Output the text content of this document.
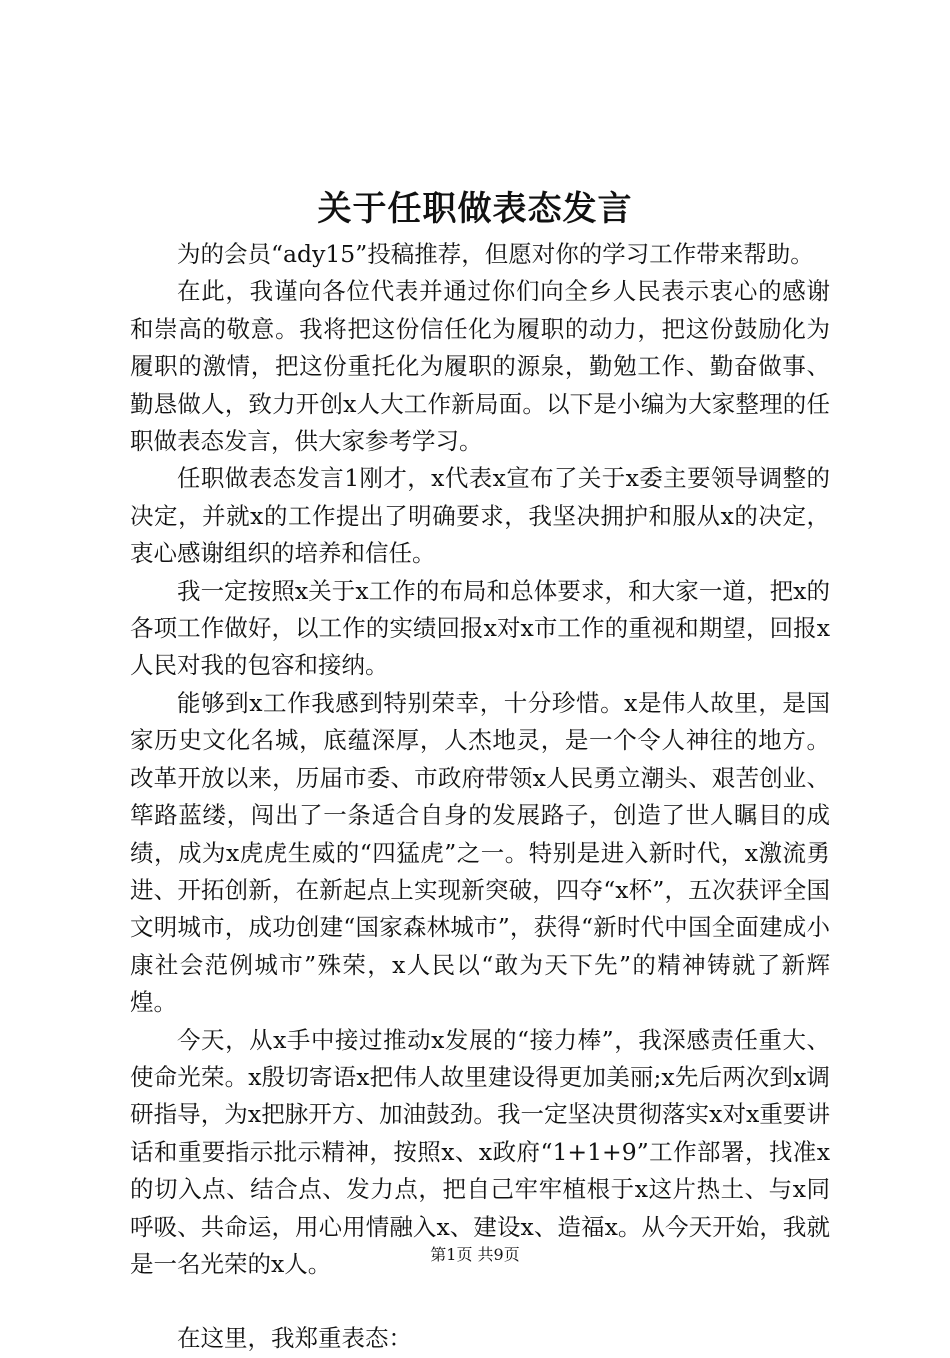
关于任职做表态发言

为的会员“ady15”投稿推荐，但愿对你的学习工作带来帮助。

在此，我谨向各位代表并通过你们向全乡人民表示衷心的感谢和崇高的敬意。我将把这份信任化为履职的动力，把这份鼓励化为履职的激情，把这份重托化为履职的源泉，勤勉工作、勤奋做事、勤恳做人，致力开创x人大工作新局面。以下是小编为大家整理的任职做表态发言，供大家参考学习。

任职做表态发言1刚才，x代表x宣布了关于x委主要领导调整的决定，并就x的工作提出了明确要求，我坚决拥护和服从x的决定，衷心感谢组织的培养和信任。

我一定按照x关于x工作的布局和总体要求，和大家一道，把x的各项工作做好，以工作的实绩回报x对x市工作的重视和期望，回报x人民对我的包容和接纳。

能够到x工作我感到特别荣幸，十分珍惜。x是伟人故里，是国家历史文化名城，底蕴深厚，人杰地灵，是一个令人神往的地方。改革开放以来，历届市委、市政府带领x人民勇立潮头、艰苦创业、筚路蓝缕，闯出了一条适合自身的发展路子，创造了世人瞩目的成绩，成为x虎虎生威的“四猛虎”之一。特别是进入新时代，x激流勇进、开拓创新，在新起点上实现新突破，四夺“x杯”，五次获评全国文明城市，成功创建“国家森林城市”，获得“新时代中国全面建成小康社会范例城市”殊荣，x人民以“敢为天下先”的精神铸就了新辉煌。

今天，从x手中接过推动x发展的“接力棒”，我深感责任重大、使命光荣。x殷切寄语x把伟人故里建设得更加美丽;x先后两次到x调研指导，为x把脉开方、加油鼓劲。我一定坚决贯彻落实x对x重要讲话和重要指示批示精神，按照x、x政府“1+1+9”工作部署，找准x的切入点、结合点、发力点，把自己牢牢植根于x这片热土、与x同呼吸、共命运，用心用情融入x、建设x、造福x。从今天开始，我就是一名光荣的x人。

在这里，我郑重表态：

第1页 共9页
